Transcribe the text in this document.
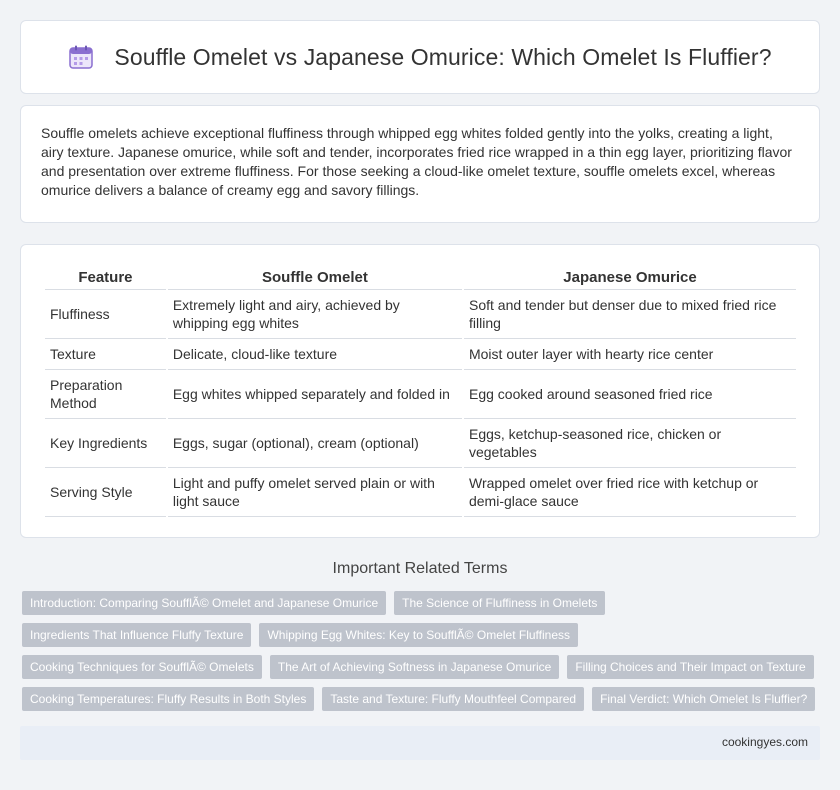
Souffle Omelet vs Japanese Omurice: Which Omelet Is Fluffier?

Souffle omelets achieve exceptional fluffiness through whipped egg whites folded gently into the yolks, creating a light, airy texture. Japanese omurice, while soft and tender, incorporates fried rice wrapped in a thin egg layer, prioritizing flavor and presentation over extreme fluffiness. For those seeking a cloud-like omelet texture, souffle omelets excel, whereas omurice delivers a balance of creamy egg and savory fillings.

Feature	Souffle Omelet	Japanese Omurice
Fluffiness	Extremely light and airy, achieved by whipping egg whites	Soft and tender but denser due to mixed fried rice filling
Texture	Delicate, cloud-like texture	Moist outer layer with hearty rice center
Preparation Method	Egg whites whipped separately and folded in	Egg cooked around seasoned fried rice
Key Ingredients	Eggs, sugar (optional), cream (optional)	Eggs, ketchup-seasoned rice, chicken or vegetables
Serving Style	Light and puffy omelet served plain or with light sauce	Wrapped omelet over fried rice with ketchup or demi-glace sauce
Important Related Terms
Introduction: Comparing SoufflÃ© Omelet and Japanese Omurice	The Science of Fluffiness in Omelets
Ingredients That Influence Fluffy Texture	Whipping Egg Whites: Key to SoufflÃ© Omelet Fluffiness
Cooking Techniques for SoufflÃ© Omelets	The Art of Achieving Softness in Japanese Omurice	Filling Choices and Their Impact on Texture
Cooking Temperatures: Fluffy Results in Both Styles	Taste and Texture: Fluffy Mouthfeel Compared	Final Verdict: Which Omelet Is Fluffier?
cookingyes.com
